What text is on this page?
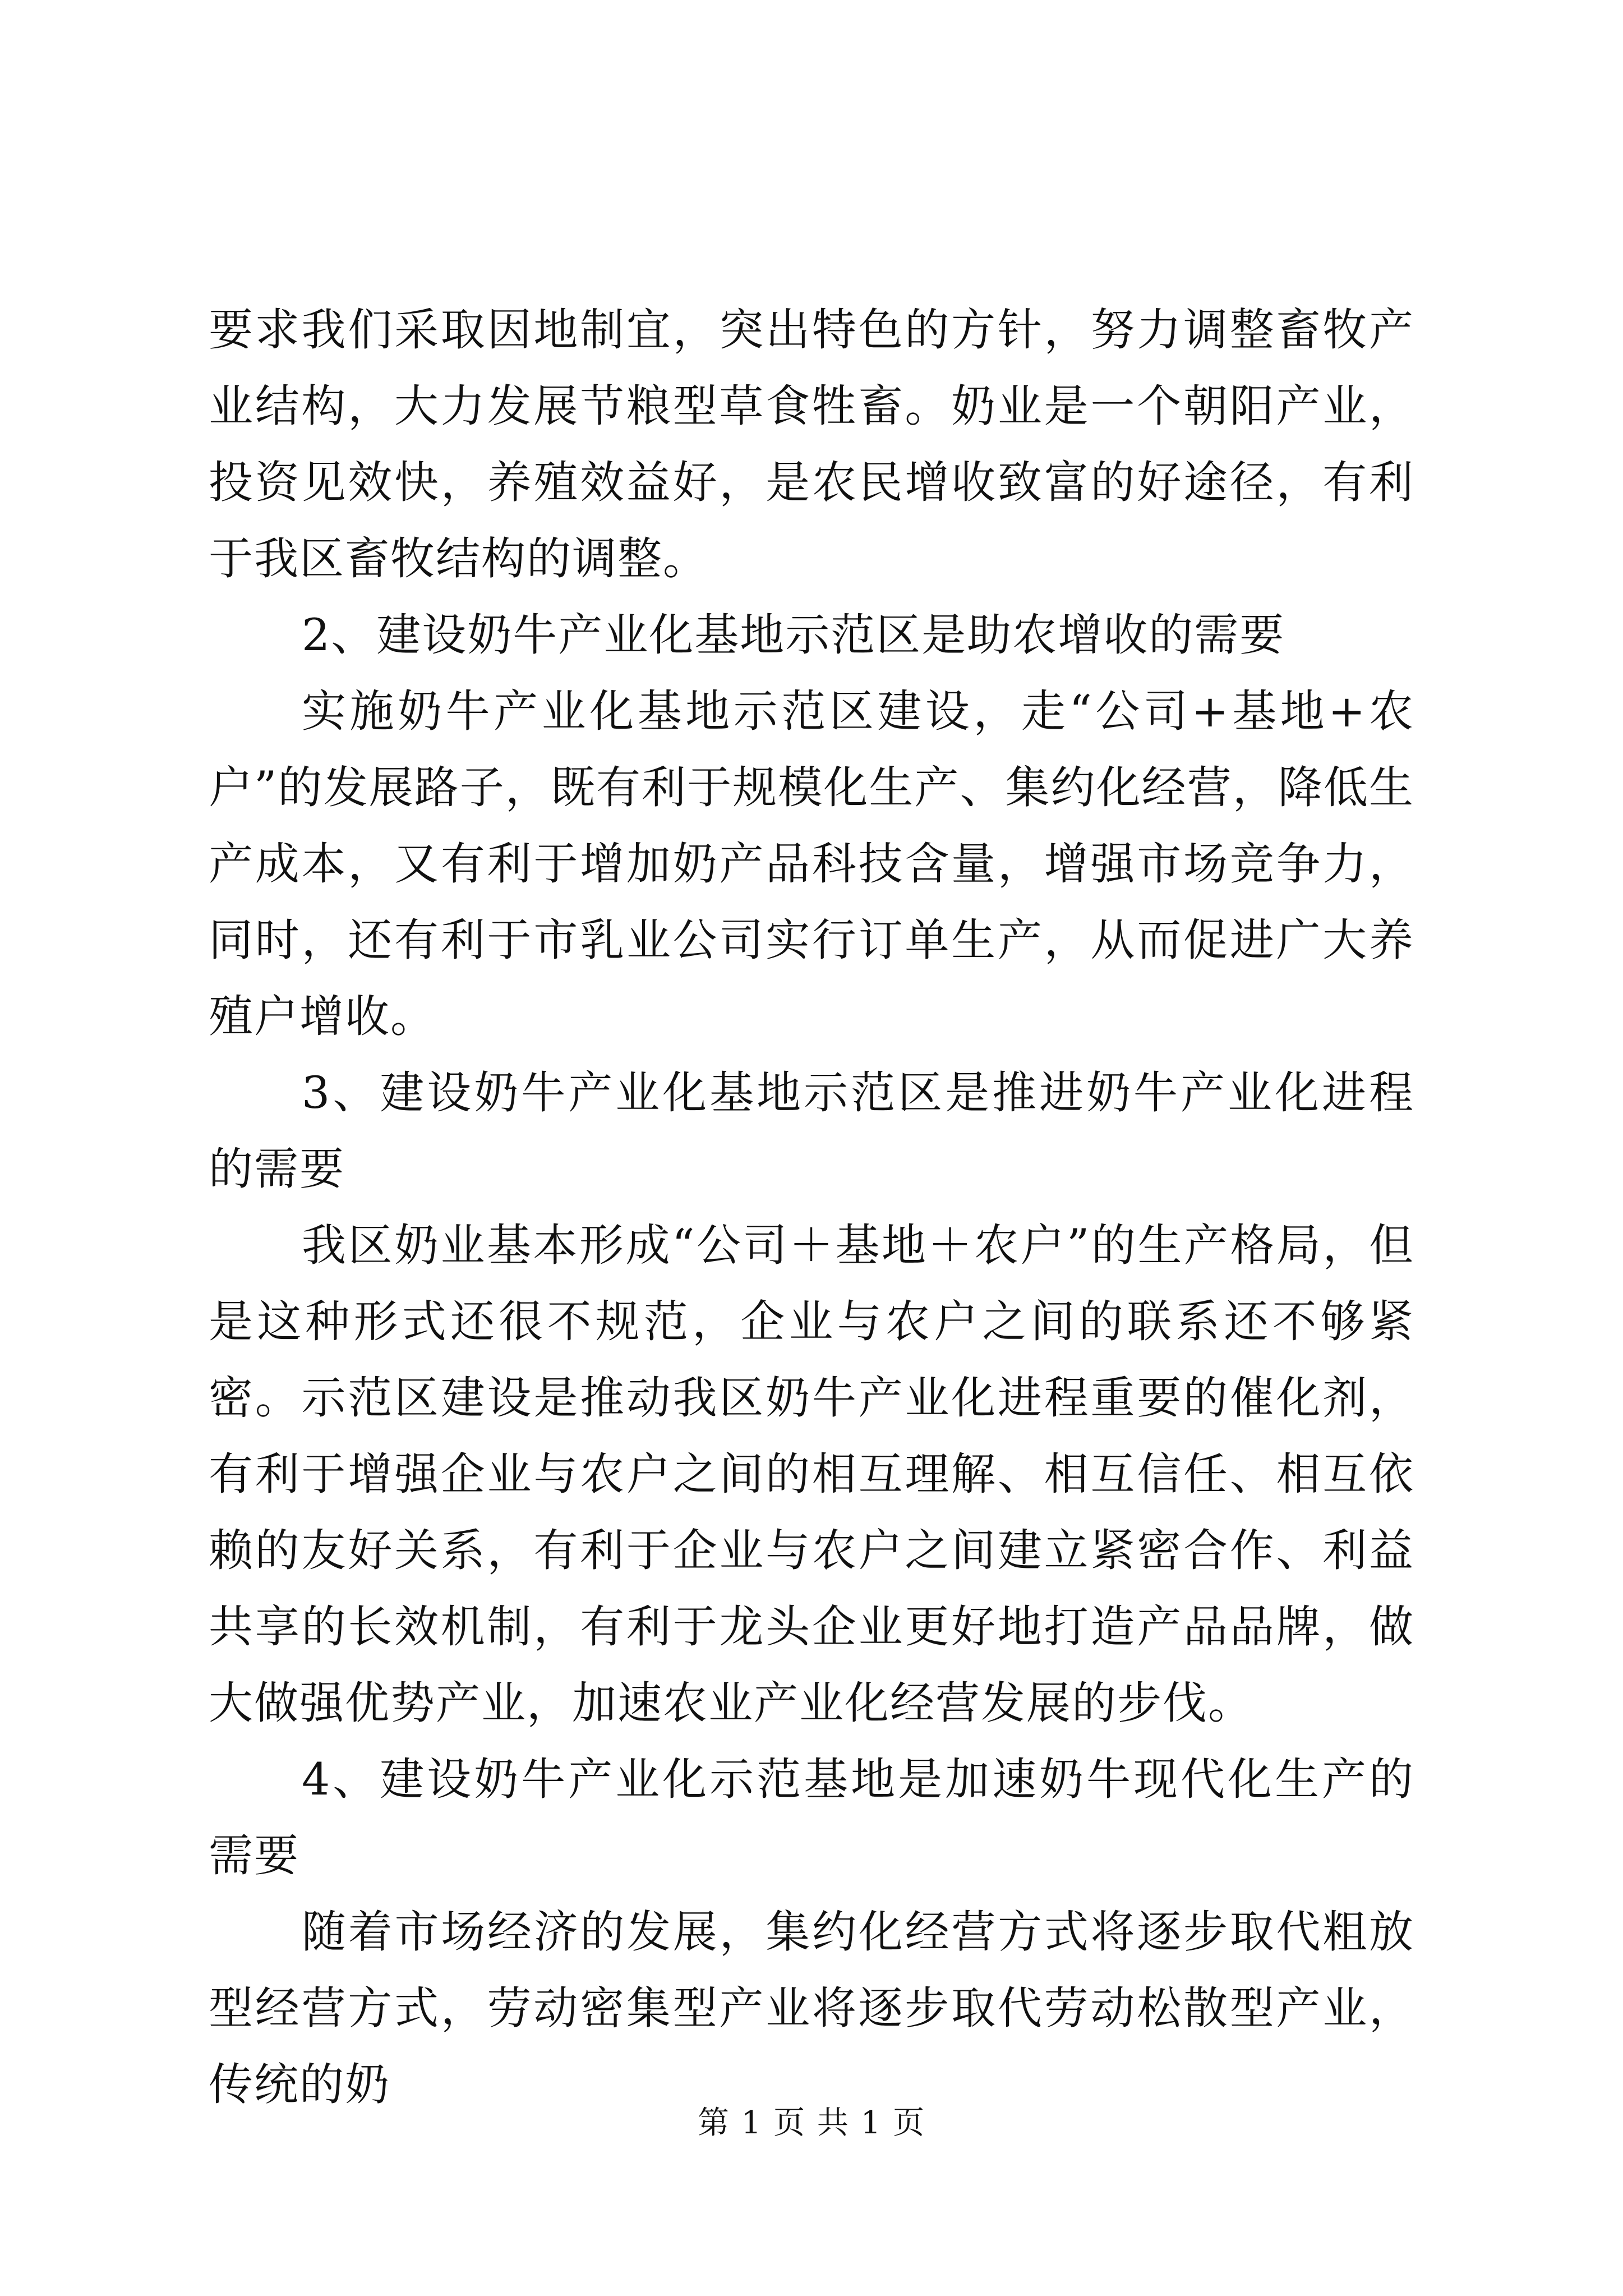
要求我们采取因地制宜，突出特色的方针，努力调整畜牧产业结构，大力发展节粮型草食牲畜。奶业是一个朝阳产业，投资见效快，养殖效益好，是农民增收致富的好途径，有利于我区畜牧结构的调整。

2、建设奶牛产业化基地示范区是助农增收的需要

实施奶牛产业化基地示范区建设，走“公司+基地+农户”的发展路子，既有利于规模化生产、集约化经营，降低生产成本，又有利于增加奶产品科技含量，增强市场竞争力，同时，还有利于市乳业公司实行订单生产，从而促进广大养殖户增收。

3、建设奶牛产业化基地示范区是推进奶牛产业化进程的需要

我区奶业基本形成“公司＋基地＋农户”的生产格局，但是这种形式还很不规范，企业与农户之间的联系还不够紧密。示范区建设是推动我区奶牛产业化进程重要的催化剂，有利于增强企业与农户之间的相互理解、相互信任、相互依赖的友好关系，有利于企业与农户之间建立紧密合作、利益共享的长效机制，有利于龙头企业更好地打造产品品牌，做大做强优势产业，加速农业产业化经营发展的步伐。

4、建设奶牛产业化示范基地是加速奶牛现代化生产的需要

随着市场经济的发展，集约化经营方式将逐步取代粗放型经营方式，劳动密集型产业将逐步取代劳动松散型产业，传统的奶

第 1 页 共 1 页
